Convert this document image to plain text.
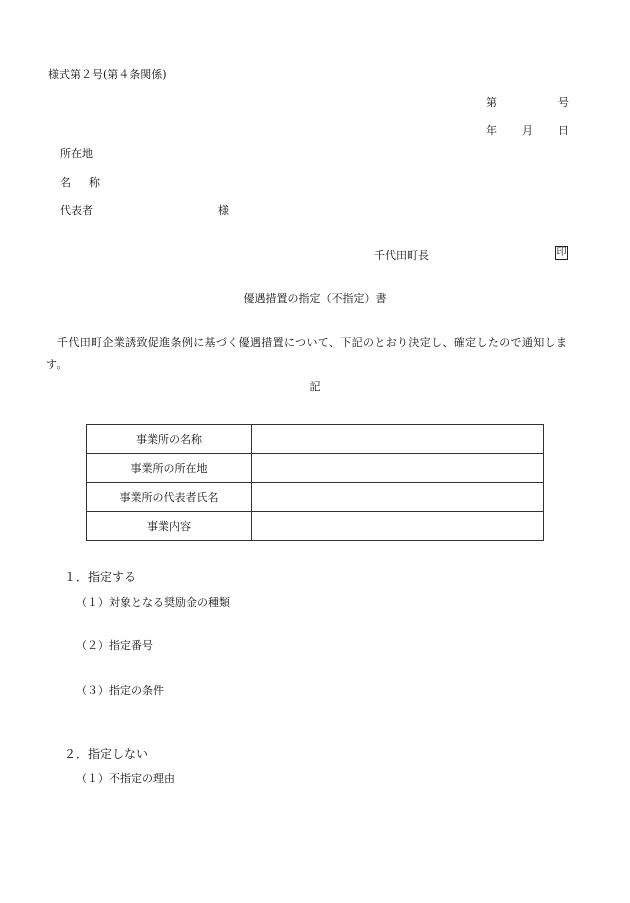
様式第２号(第４条関係)
第	号
年 月 日
所在地
名 称
代表者	様
千代田町長	印
優遇措置の指定（不指定）書
千代田町企業誘致促進条例に基づく優遇措置について、下記のとおり決定し、確定したので通知します。
記
事業所の名称	
事業所の所在地	
事業所の代表者氏名	
事業内容	
１．指定する
（１）対象となる奨励金の種類
（２）指定番号
（３）指定の条件
２．指定しない
（１）不指定の理由
